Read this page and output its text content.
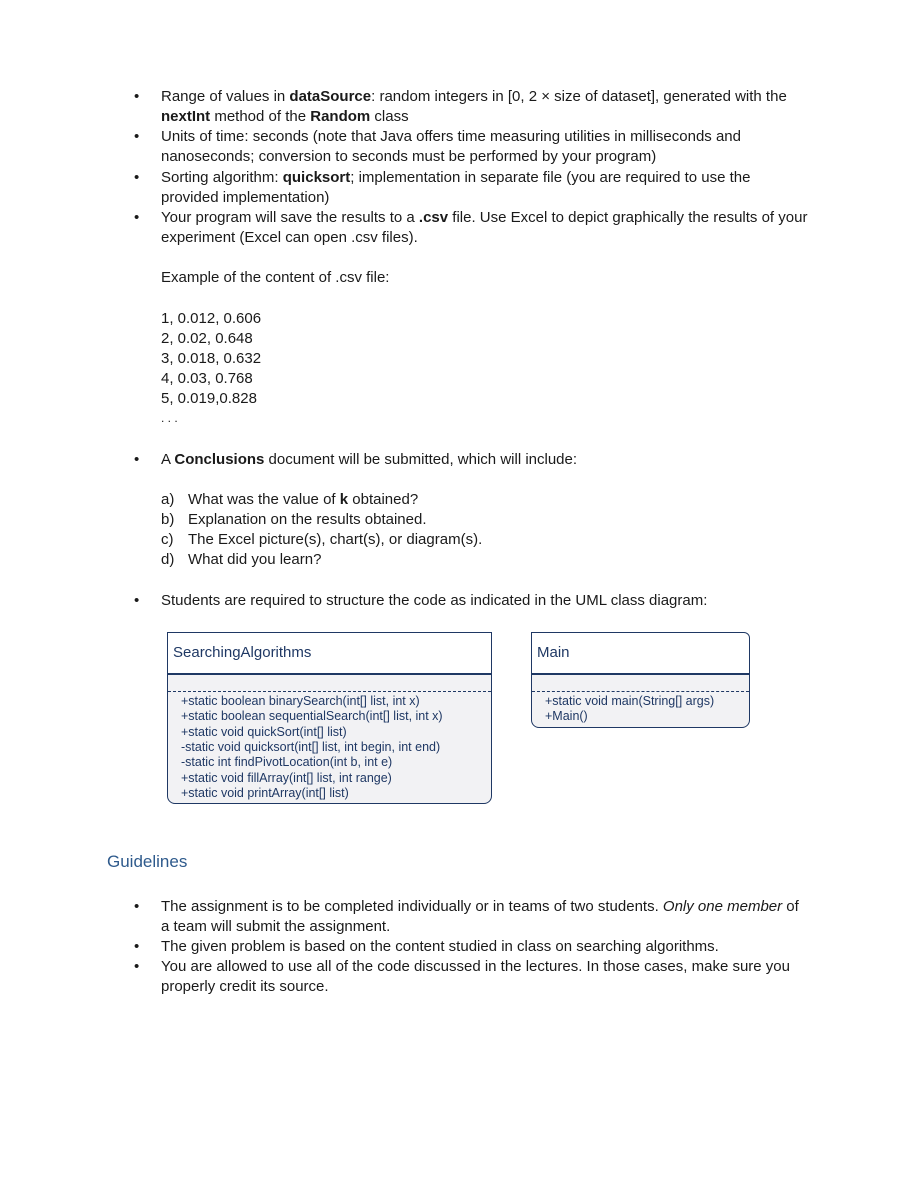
• Range of values in dataSource: random integers in [0, 2 × size of dataset], generated with the nextInt method of the Random class
• Units of time: seconds (note that Java offers time measuring utilities in milliseconds and nanoseconds; conversion to seconds must be performed by your program)
• Sorting algorithm: quicksort; implementation in separate file (you are required to use the provided implementation)
• Your program will save the results to a .csv file. Use Excel to depict graphically the results of your experiment (Excel can open .csv files).
Example of the content of .csv file:
1, 0.012, 0.606
2, 0.02, 0.648
3, 0.018, 0.632
4, 0.03, 0.768
5, 0.019,0.828
. . .
• A Conclusions document will be submitted, which will include:
a) What was the value of k obtained?
b) Explanation on the results obtained.
c) The Excel picture(s), chart(s), or diagram(s).
d) What did you learn?
• Students are required to structure the code as indicated in the UML class diagram:
SearchingAlgorithms
+static boolean binarySearch(int[] list, int x)
+static boolean sequentialSearch(int[] list, int x)
+static void quickSort(int[] list)
-static void quicksort(int[] list, int begin, int end)
-static int findPivotLocation(int b, int e)
+static void fillArray(int[] list, int range)
+static void printArray(int[] list)
Main
+static void main(String[] args)
+Main()
Guidelines
• The assignment is to be completed individually or in teams of two students. Only one member of a team will submit the assignment.
• The given problem is based on the content studied in class on searching algorithms.
• You are allowed to use all of the code discussed in the lectures. In those cases, make sure you properly credit its source.
